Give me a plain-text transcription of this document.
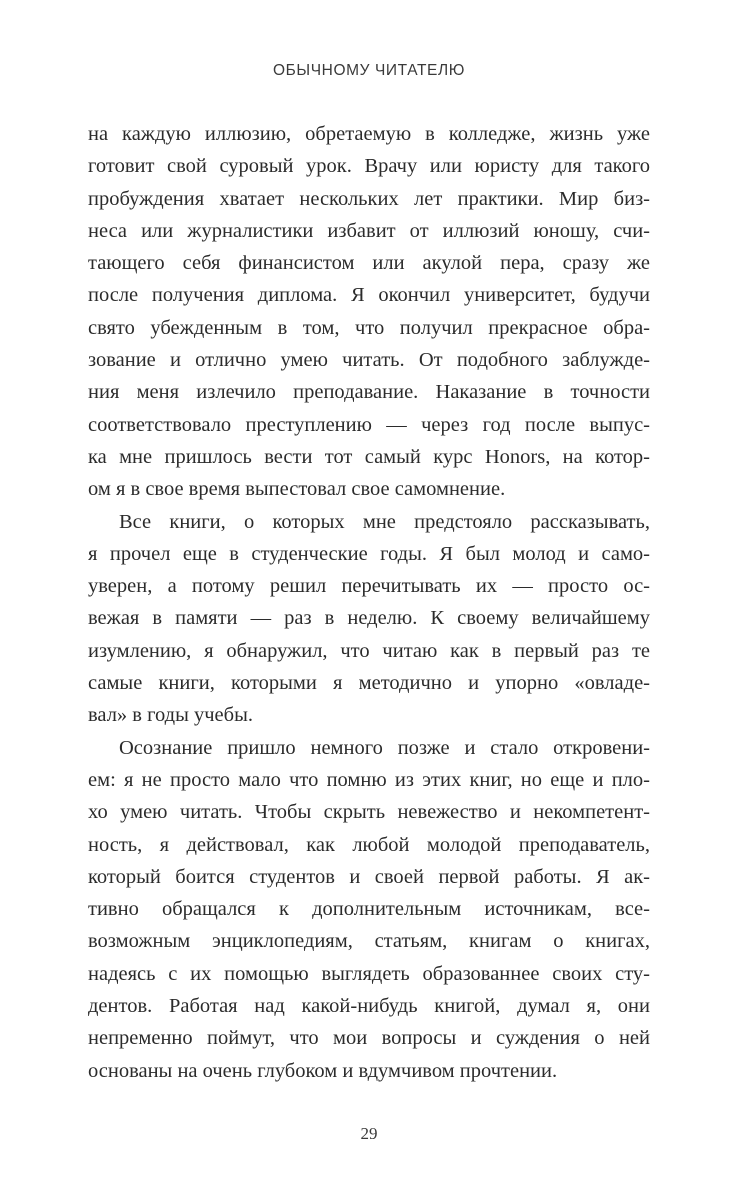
ОБЫЧНОМУ ЧИТАТЕЛЮ
на каждую иллюзию, обретаемую в колледже, жизнь уже
готовит свой суровый урок. Врачу или юристу для такого
пробуждения хватает нескольких лет практики. Мир биз-
неса или журналистики избавит от иллюзий юношу, счи-
тающего себя финансистом или акулой пера, сразу же
после получения диплома. Я окончил университет, будучи
свято убежденным в том, что получил прекрасное обра-
зование и отлично умею читать. От подобного заблужде-
ния меня излечило преподавание. Наказание в точности
соответствовало преступлению — через год после выпус-
ка мне пришлось вести тот самый курс Honors, на котор-
ом я в свое время выпестовал свое самомнение.
Все книги, о которых мне предстояло рассказывать,
я прочел еще в студенческие годы. Я был молод и само-
уверен, а потому решил перечитывать их — просто ос-
вежая в памяти — раз в неделю. К своему величайшему
изумлению, я обнаружил, что читаю как в первый раз те
самые книги, которыми я методично и упорно «овладе-
вал» в годы учебы.
Осознание пришло немного позже и стало откровени-
ем: я не просто мало что помню из этих книг, но еще и пло-
хо умею читать. Чтобы скрыть невежество и некомпетент-
ность, я действовал, как любой молодой преподаватель,
который боится студентов и своей первой работы. Я ак-
тивно обращался к дополнительным источникам, все-
возможным энциклопедиям, статьям, книгам о книгах,
надеясь с их помощью выглядеть образованнее своих сту-
дентов. Работая над какой-нибудь книгой, думал я, они
непременно поймут, что мои вопросы и суждения о ней
основаны на очень глубоком и вдумчивом прочтении.
29
